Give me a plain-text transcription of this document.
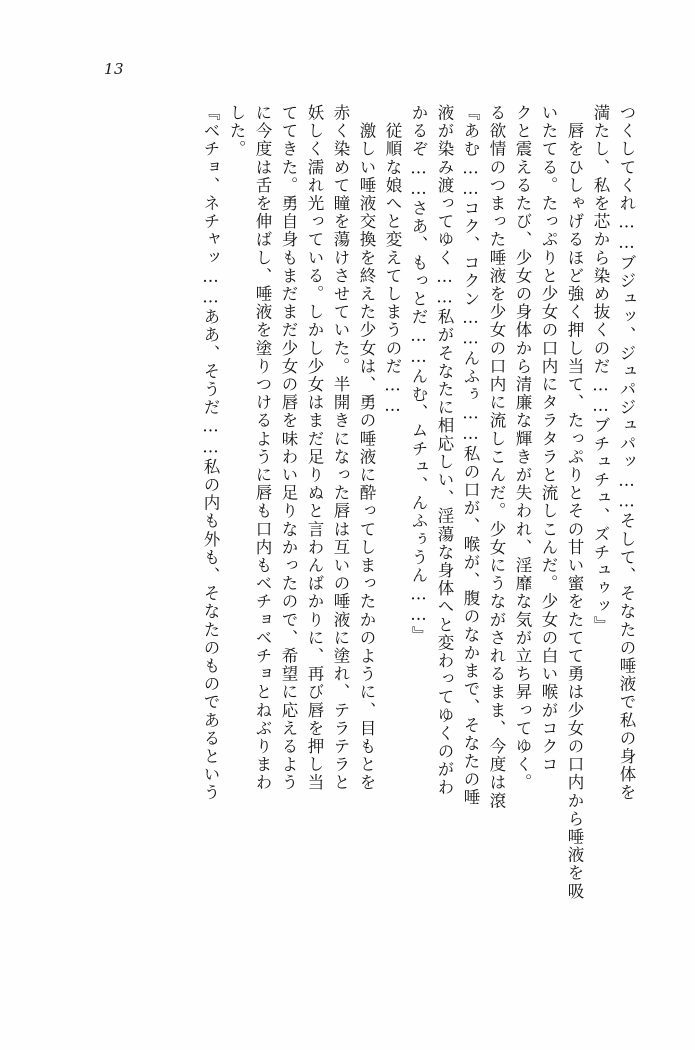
13
つくしてくれ……ブジュッ、ジュパジュパッ……そして、そなたの唾液で私の身体を
満たし、私を芯から染め抜くのだ……ブチュチュ、ズチュゥッ』
　唇をひしゃげるほど強く押し当て、たっぷりとその甘い蜜をたてて勇は少女の口内から唾液を吸
いたてる。たっぷりと少女の口内にタラタラと流しこんだ。少女の白い喉がコクコ
クと震えるたび、少女の身体から清廉な輝きが失われ、淫靡な気が立ち昇ってゆく。
る欲情のつまった唾液を少女の口内に流しこんだ。少女にうながされるまま、今度は滾
『あむ……コク、コクン……んふぅ……私の口が、喉が、腹のなかまで、そなたの唾
液が染み渡ってゆく……私がそなたに相応しい、淫蕩な身体へと変わってゆくのがわ
かるぞ……さあ、もっとだ……んむ、ムチュ、んふぅうん……』
　従順な娘へと変えてしまうのだ……
　激しい唾液交換を終えた少女は、勇の唾液に酔ってしまったかのように、目もとを
赤く染めて瞳を蕩けさせていた。半開きになった唇は互いの唾液に塗れ、テラテラと
妖しく濡れ光っている。しかし少女はまだ足りぬと言わんばかりに、再び唇を押し当
ててきた。勇自身もまだまだ少女の唇を味わい足りなかったので、希望に応えるよう
に今度は舌を伸ばし、唾液を塗りつけるように唇も口内もベチョベチョとねぶりまわ
した。
『ベチョ、ネチャッ……ああ、そうだ……私の内も外も、そなたのものであるという
